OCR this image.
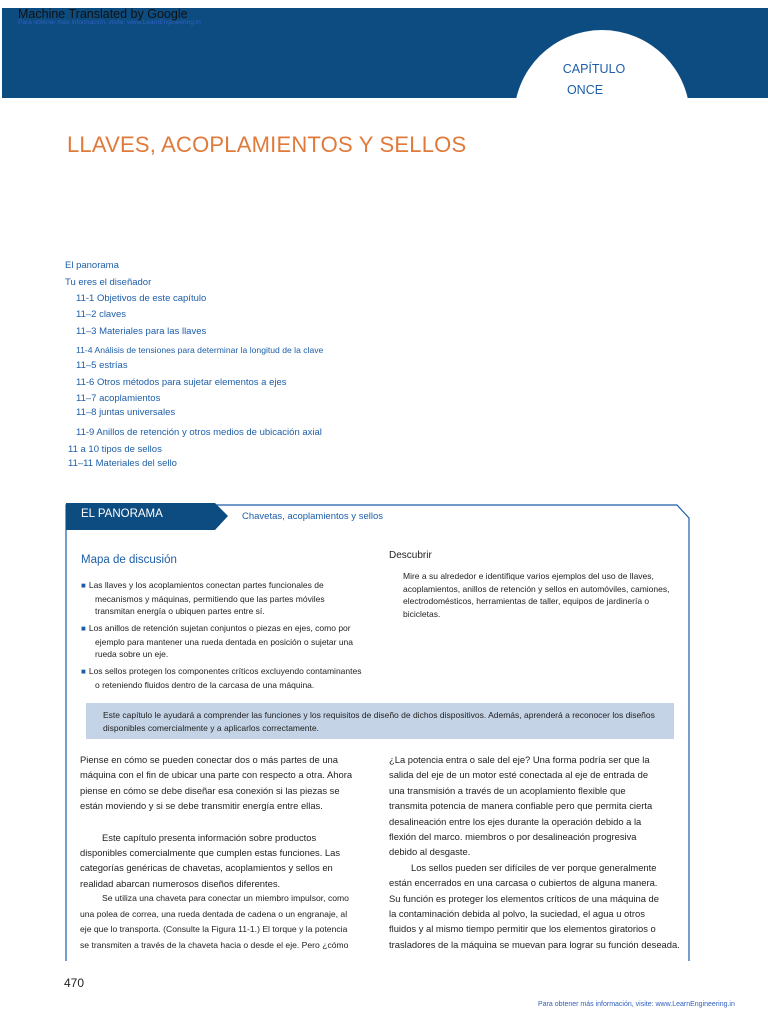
Machine Translated by Google
Para obtener más información, visite: www.LearnEngineering.in
CAPÍTULO
ONCE
LLAVES, ACOPLAMIENTOS Y SELLOS
El panorama
Tu eres el diseñador
11-1 Objetivos de este capítulo
11–2 claves
11–3 Materiales para las llaves
11-4 Análisis de tensiones para determinar la longitud de la clave
11–5 estrías
11-6 Otros métodos para sujetar elementos a ejes
11–7 acoplamientos
11–8 juntas universales
11-9 Anillos de retención y otros medios de ubicación axial
11 a 10 tipos de sellos
11–11 Materiales del sello
EL PANORAMA	Chavetas, acoplamientos y sellos
Mapa de discusión
■ Las llaves y los acoplamientos conectan partes funcionales de
mecanismos y máquinas, permitiendo que las partes móviles
transmitan energía o ubiquen partes entre sí.
■ Los anillos de retención sujetan conjuntos o piezas en ejes, como por
ejemplo para mantener una rueda dentada en posición o sujetar una
rueda sobre un eje.
■ Los sellos protegen los componentes críticos excluyendo contaminantes
o reteniendo fluidos dentro de la carcasa de una máquina.
Descubrir
Mire a su alrededor e identifique varios ejemplos del uso de llaves,
acoplamientos, anillos de retención y sellos en automóviles, camiones,
electrodomésticos, herramientas de taller, equipos de jardinería o
bicicletas.
Este capítulo le ayudará a comprender las funciones y los requisitos de diseño de dichos dispositivos. Además, aprenderá a reconocer los diseños
disponibles comercialmente y a aplicarlos correctamente.

Piense en cómo se pueden conectar dos o más partes de una
máquina con el fin de ubicar una parte con respecto a otra. Ahora
piense en cómo se debe diseñar esa conexión si las piezas se
están moviendo y si se debe transmitir energía entre ellas.

Este capítulo presenta información sobre productos
disponibles comercialmente que cumplen estas funciones. Las
categorías genéricas de chavetas, acoplamientos y sellos en
realidad abarcan numerosos diseños diferentes.

Se utiliza una chaveta para conectar un miembro impulsor, como
una polea de correa, una rueda dentada de cadena o un engranaje, al
eje que lo transporta. (Consulte la Figura 11-1.) El torque y la potencia
se transmiten a través de la chaveta hacia o desde el eje. Pero ¿cómo

¿La potencia entra o sale del eje? Una forma podría ser que la
salida del eje de un motor esté conectada al eje de entrada de
una transmisión a través de un acoplamiento flexible que
transmita potencia de manera confiable pero que permita cierta
desalineación entre los ejes durante la operación debido a la
flexión del marco. miembros o por desalineación progresiva
debido al desgaste.

Los sellos pueden ser difíciles de ver porque generalmente
están encerrados en una carcasa o cubiertos de alguna manera.
Su función es proteger los elementos críticos de una máquina de
la contaminación debida al polvo, la suciedad, el agua u otros
fluidos y al mismo tiempo permitir que los elementos giratorios o
trasladores de la máquina se muevan para lograr su función deseada.

470
Para obtener más información, visite: www.LearnEngineering.in
